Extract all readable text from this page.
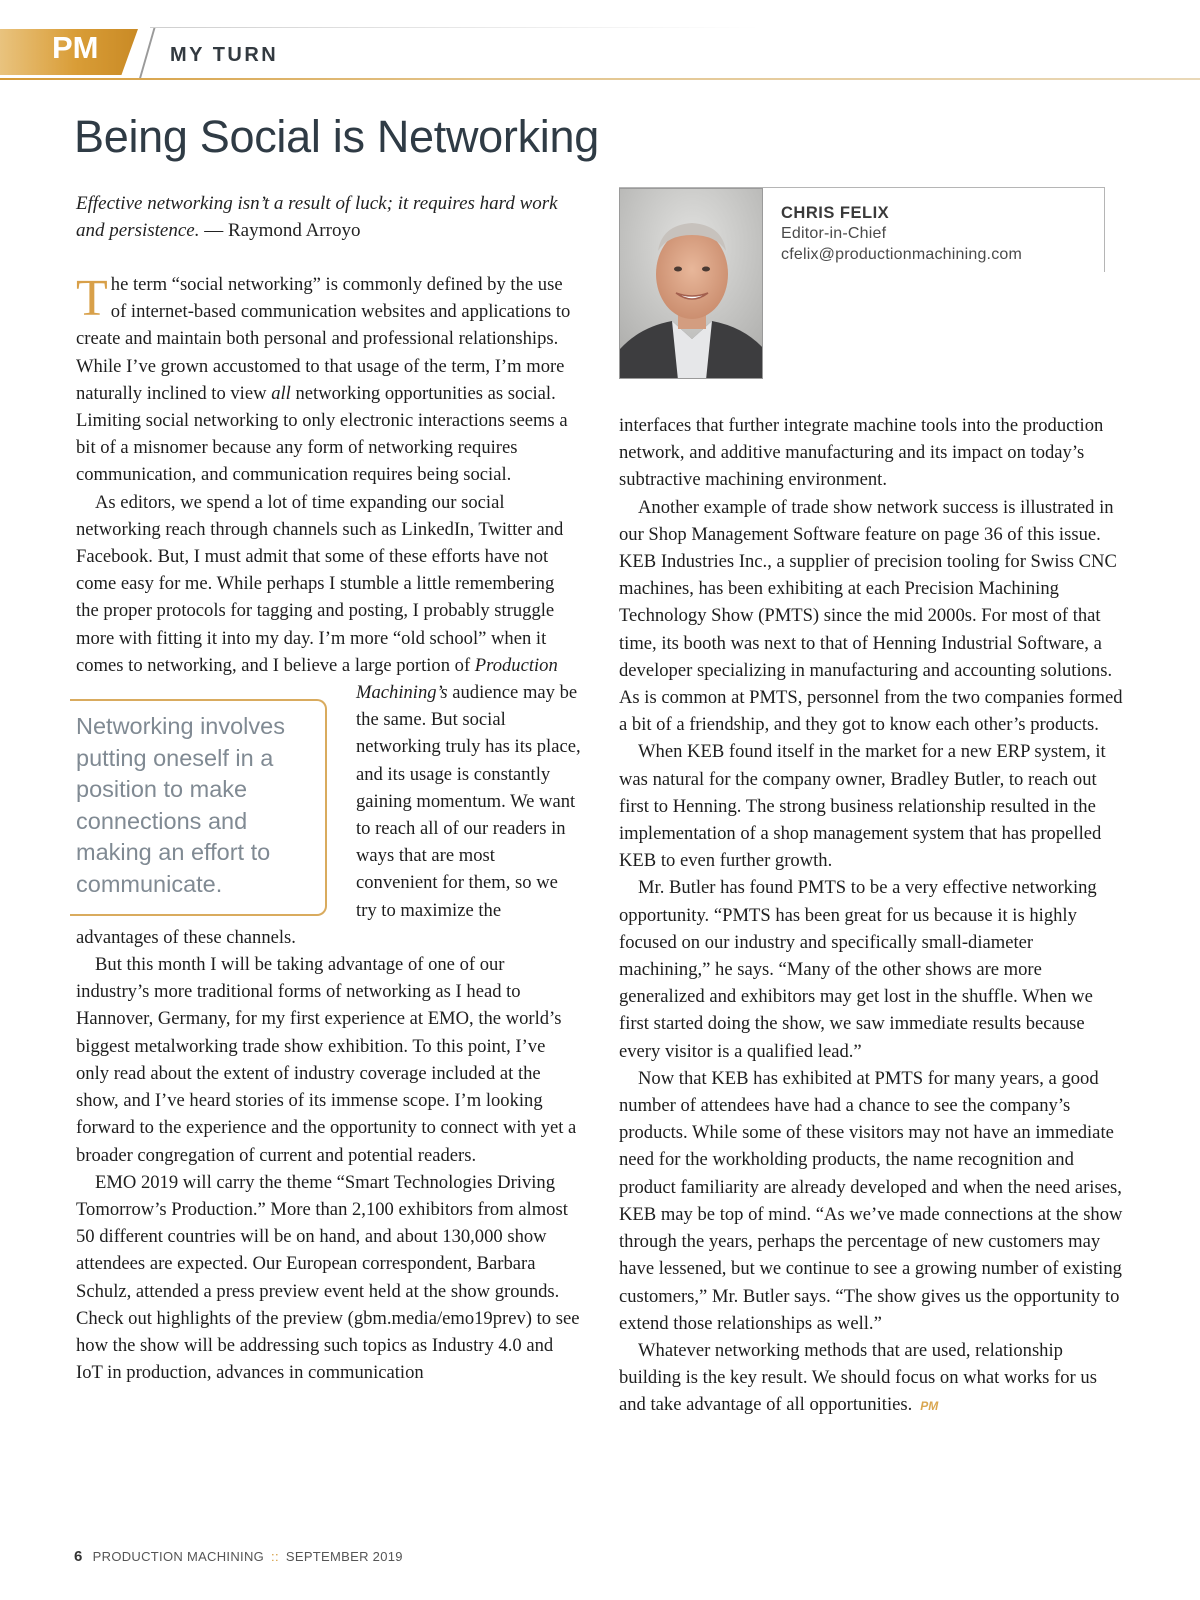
PM	MY TURN
Being Social is Networking
Effective networking isn’t a result of luck; it requires hard work and persistence. — Raymond Arroyo
CHRIS FELIX
Editor-in-Chief
cfelix@productionmachining.com

The term “social networking” is commonly defined by the use of internet-based communication websites and applications to create and maintain both personal and professional relationships. While I’ve grown accustomed to that usage of the term, I’m more naturally inclined to view all networking opportunities as social. Limiting social networking to only electronic interactions seems a bit of a misnomer because any form of networking requires communication, and communication requires being social.

As editors, we spend a lot of time expanding our social networking reach through channels such as LinkedIn, Twitter and Facebook. But, I must admit that some of these efforts have not come easy for me. While perhaps I stumble a little remembering the proper protocols for tagging and posting, I probably struggle more with fitting it into my day. I’m more “old school” when it comes to networking, and I believe a large portion of
Production Machining’s audience may be the same. But social networking truly has its place, and its usage is constantly gaining momentum. We want to reach all of our readers in ways that are most convenient for them, so we try to maximize the advantages of these channels.

But this month I will be taking advantage of one of our industry’s more traditional forms of networking as I head to Hannover, Germany, for my first experience at EMO, the world’s biggest metalworking trade show exhibition. To this point, I’ve only read about the extent of industry coverage included at the show, and I’ve heard stories of its immense scope. I’m looking forward to the experience and the opportunity to connect with yet a broader congregation of current and potential readers.

EMO 2019 will carry the theme “Smart Technologies Driving Tomorrow’s Production.” More than 2,100 exhibitors from almost 50 different countries will be on hand, and about 130,000 show attendees are expected. Our European correspondent, Barbara Schulz, attended a press preview event held at the show grounds. Check out highlights of the preview (gbm.media/emo19prev) to see how the show will be addressing such topics as Industry 4.0 and IoT in production, advances in communication

Networking involves putting oneself in a position to make connections and making an effort to communicate.

interfaces that further integrate machine tools into the production network, and additive manufacturing and its impact on today’s subtractive machining environment.

Another example of trade show network success is illustrated in our Shop Management Software feature on page 36 of this issue. KEB Industries Inc., a supplier of precision tooling for Swiss CNC machines, has been exhibiting at each Precision Machining Technology Show (PMTS) since the mid 2000s. For most of that time, its booth was next to that of Henning Industrial Software, a developer specializing in manufacturing and accounting solutions. As is common at PMTS, personnel from the two companies formed a bit of a friendship, and they got to know each other’s products.

When KEB found itself in the market for a new ERP system, it was natural for the company owner, Bradley Butler, to reach out first to Henning. The strong business relationship resulted in the implementation of a shop management system that has propelled KEB to even further growth.

Mr. Butler has found PMTS to be a very effective networking opportunity. “PMTS has been great for us because it is highly focused on our industry and specifically small-diameter machining,” he says. “Many of the other shows are more generalized and exhibitors may get lost in the shuffle. When we first started doing the show, we saw immediate results because every visitor is a qualified lead.”

Now that KEB has exhibited at PMTS for many years, a good number of attendees have had a chance to see the company’s products. While some of these visitors may not have an immediate need for the workholding products, the name recognition and product familiarity are already developed and when the need arises, KEB may be top of mind. “As we’ve made connections at the show through the years, perhaps the percentage of new customers may have lessened, but we continue to see a growing number of existing customers,” Mr. Butler says. “The show gives us the opportunity to extend those relationships as well.”

Whatever networking methods that are used, relationship building is the key result. We should focus on what works for us and take advantage of all opportunities. PM

6 PRODUCTION MACHINING :: SEPTEMBER 2019
